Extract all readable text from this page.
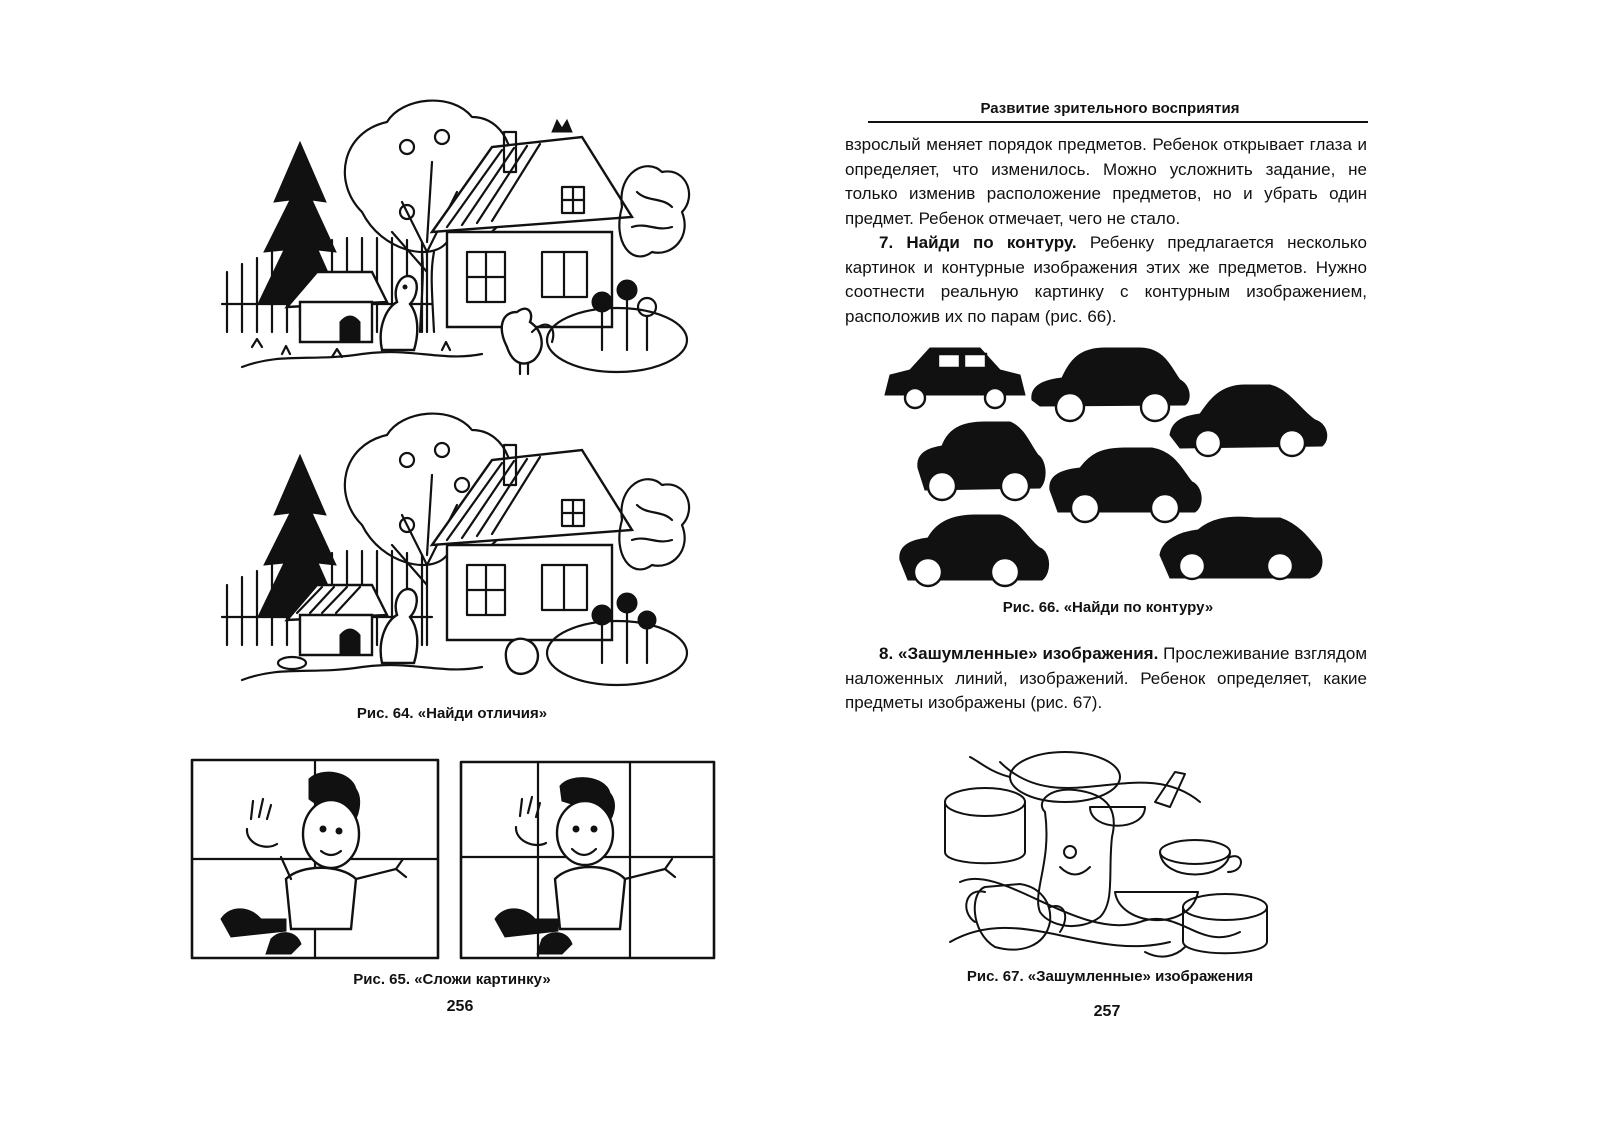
Рис. 64. «Найди отличия»
Рис. 65. «Сложи картинку»
256
Развитие зрительного восприятия

взрослый меняет порядок предметов. Ребенок открывает глаза и определяет, что изменилось. Можно усложнить задание, не только изменив расположение предметов, но и убрать один предмет. Ребенок отмечает, чего не стало.

7. Найди по контуру. Ребенку предлагается несколько картинок и контурные изображения этих же предметов. Нужно соотнести реальную картинку с контурным изображением, расположив их по парам (рис. 66).

Рис. 66. «Найди по контуру»

8. «Зашумленные» изображения. Прослеживание взглядом наложенных линий, изображений. Ребенок определяет, какие предметы изображены (рис. 67).

Рис. 67. «Зашумленные» изображения
257
